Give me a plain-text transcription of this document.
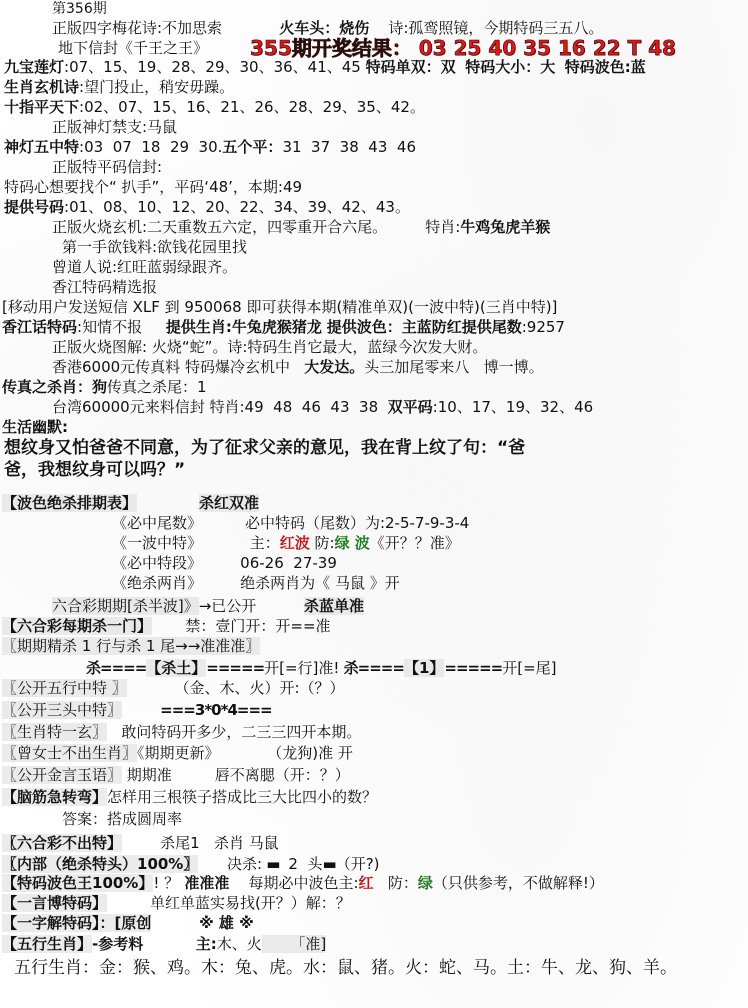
第356期
正版四字梅花诗:不加思索	火车头：烧伤 诗:孤鸾照镜，今期特码三五八。
地下信封《千王之王》	355期开奖结果： 03 25 40 35 16 22 T 48
九宝莲灯:07、15、19、28、29、30、36、41、45 特码单双：双 特码大小：大 特码波色:蓝
生肖玄机诗:望门投止，稍安毋躁。
十指平天下:02、07、15、16、21、26、28、29、35、42。
正版神灯禁支:马鼠
神灯五中特:03  07  18  29  30.五个平：31  37  38  43  46
正版特平码信封:
特码心想要找个“ 扒手”，平码‘48’，本期:49
提供号码:01、08、10、12、20、22、34、39、42、43。
正版火烧玄机:二天重数五六定，四零重开合六尾。	特肖:牛鸡兔虎羊猴
第一手欲钱料:欲钱花园里找
曾道人说:红旺蓝弱绿跟齐。
香江特码精选报
[移动用户发送短信 XLF 到 950068 即可获得本期(精准单双)(一波中特)(三肖中特)]
香江话特码:知情不报 提供生肖:牛兔虎猴猪龙 提供波色：主蓝防红提供尾数:9257
正版火烧图解: 火烧“蛇”。诗:特码生肖它最大，蓝绿今次发大财。
香港6000元传真料 特码爆冷玄机中   大发达。头三加尾零来八   博一博。
传真之杀肖：狗传真之杀尾：1
台湾60000元来料信封 特肖:49  48  46  43  38  双平码:10、17、19、32、46
生活幽默:
想纹身又怕爸爸不同意，为了征求父亲的意见，我在背上纹了句：“爸
爸，我想纹身可以吗？”
【波色绝杀排期表】	杀红双准
《必中尾数》	必中特码（尾数）为:2-5-7-9-3-4
《一波中特》	主：红波 防:绿 波《开？？准》
《必中特段》	06-26  27-39
《绝杀两肖》	绝杀两肖为《 马鼠 》开
六合彩期期[杀半波]》→已公开	杀蓝单准
【六合彩每期杀一门】 禁：壹门开：开==准
〖期期精杀 1 行与杀 1 尾→→准准准〗
杀====【杀土】=====开[=行]准! 杀====【1】=====开[=尾]
〖公开五行中特 〗	（金、木、火）开:（？）
〖公开三头中特〗	===3*0*4===
〖生肖特一玄〗   敢问特码开多少，二三三四开本期。
〖曾女士不出生肖〗《期期更新》	（龙狗)准 开
〖公开金言玉语〗 期期准	唇不离腮（开：？）
【脑筋急转弯】怎样用三根筷子搭成比三大比四小的数？
答案：搭成圆周率
〖六合彩不出特】	杀尾1   杀肖 马鼠
〖内部（绝杀特头）100%〗 决杀: ▬  2  头▬（开?)
【特码波色王100%】! ？ 准准准    每期必中波色主:红   防：绿（只供参考，不做解释!）
【一言博特码】	单红单蓝实易找(开？）解：？
【一字解特码】：[原创	※ 雄 ※
【五行生肖】-参考料	主:木、火      「准]
五行生肖：金：猴、鸡。木：兔、虎。水：鼠、猪。火：蛇、马。土：牛、龙、狗、羊。
